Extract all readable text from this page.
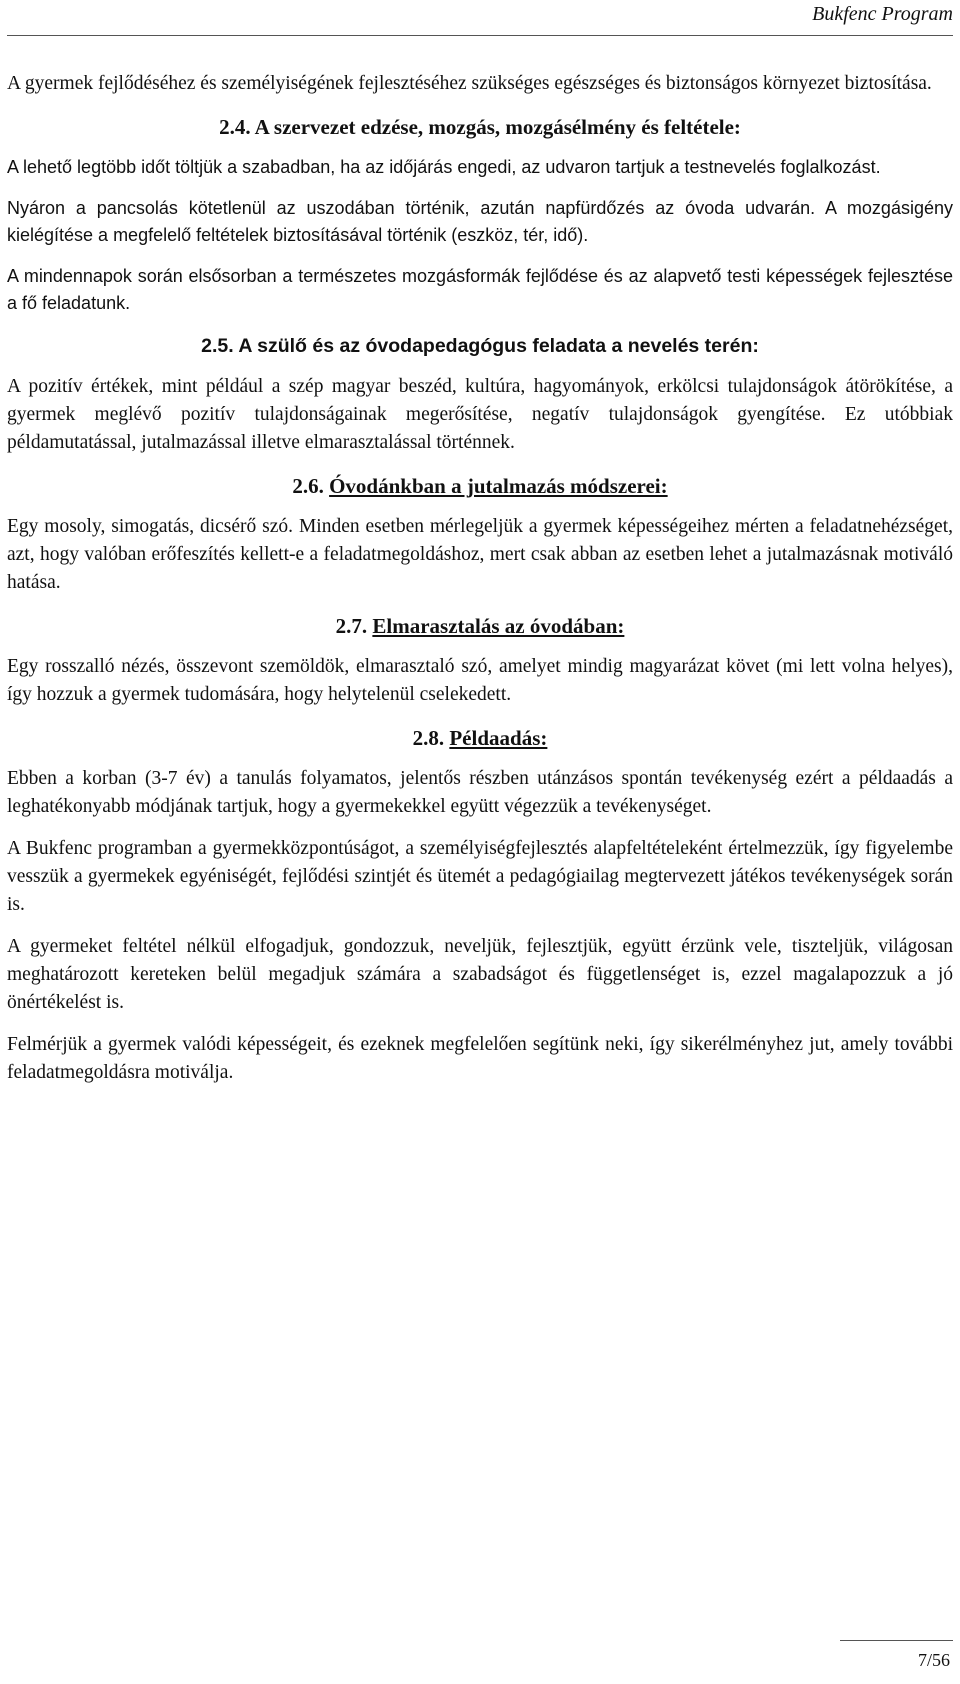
Bukfenc Program

A gyermek fejlődéséhez és személyiségének fejlesztéséhez szükséges egészséges és biztonságos környezet biztosítása.

2.4. A szervezet edzése, mozgás, mozgásélmény és feltétele:

A lehető legtöbb időt töltjük a szabadban, ha az időjárás engedi, az udvaron tartjuk a testnevelés foglalkozást.

Nyáron a pancsolás kötetlenül az uszodában történik, azután napfürdőzés az óvoda udvarán. A mozgásigény kielégítése a megfelelő feltételek biztosításával történik (eszköz, tér, idő).

A mindennapok során elsősorban a természetes mozgásformák fejlődése és az alapvető testi képességek fejlesztése a fő feladatunk.

2.5. A szülő és az óvodapedagógus feladata a nevelés terén:

A pozitív értékek, mint például a szép magyar beszéd, kultúra, hagyományok, erkölcsi tulajdonságok átörökítése, a gyermek meglévő pozitív tulajdonságainak megerősítése, negatív tulajdonságok gyengítése. Ez utóbbiak példamutatással, jutalmazással illetve elmarasztalással történnek.

2.6. Óvodánkban a jutalmazás módszerei:

Egy mosoly, simogatás, dicsérő szó. Minden esetben mérlegeljük a gyermek képességeihez mérten a feladatnehézséget, azt, hogy valóban erőfeszítés kellett-e a feladatmegoldáshoz, mert csak abban az esetben lehet a jutalmazásnak motiváló hatása.

2.7. Elmarasztalás az óvodában:

Egy rosszalló nézés, összevont szemöldök, elmarasztaló szó, amelyet mindig magyarázat követ (mi lett volna helyes), így hozzuk a gyermek tudomására, hogy helytelenül cselekedett.

2.8. Példaadás:

Ebben a korban (3-7 év) a tanulás folyamatos, jelentős részben utánzásos spontán tevékenység ezért a példaadás a leghatékonyabb módjának tartjuk, hogy a gyermekekkel együtt végezzük a tevékenységet.

A Bukfenc programban a gyermekközpontúságot, a személyiségfejlesztés alapfeltételeként értelmezzük, így figyelembe vesszük a gyermekek egyéniségét, fejlődési szintjét és ütemét a pedagógiailag megtervezett játékos tevékenységek során is.

A gyermeket feltétel nélkül elfogadjuk, gondozzuk, neveljük, fejlesztjük, együtt érzünk vele, tiszteljük, világosan meghatározott kereteken belül megadjuk számára a szabadságot és függetlenséget is, ezzel magalapozzuk a jó önértékelést is.

Felmérjük a gyermek valódi képességeit, és ezeknek megfelelően segítünk neki, így sikerélményhez jut, amely további feladatmegoldásra motiválja.

7/56
